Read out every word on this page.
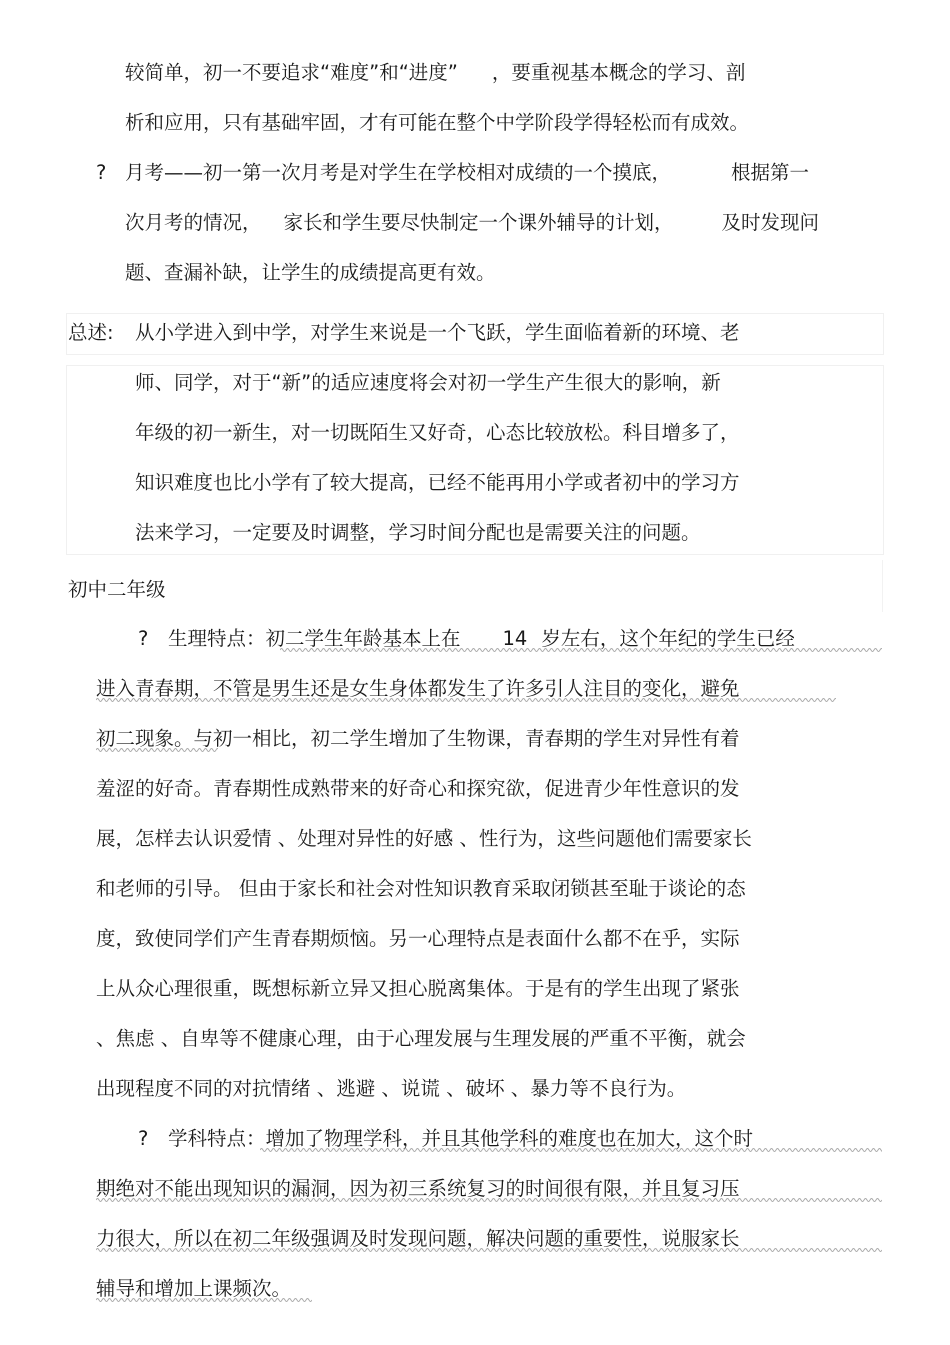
较简单，初一不要追求“难度”和“进度” ，要重视基本概念的学习、剖

析和应用，只有基础牢固，才有可能在整个中学阶段学得轻松而有成效。

? 月考——初一第一次月考是对学生在学校相对成绩的一个摸底，	根据第一

次月考的情况， 家长和学生要尽快制定一个课外辅导的计划， 及时发现问

题、查漏补缺，让学生的成绩提高更有效。

总述: 从小学进入到中学，对学生来说是一个飞跃，学生面临着新的环境、老

师、同学，对于“新”的适应速度将会对初一学生产生很大的影响，新

年级的初一新生，对一切既陌生又好奇，心态比较放松。科目增多了，

知识难度也比小学有了较大提高，已经不能再用小学或者初中的学习方

法来学习，一定要及时调整，学习时间分配也是需要关注的问题。

初中二年级

? 生理特点：初二学生年龄基本上在 14 岁左右，这个年纪的学生已经

进入青春期，不管是男生还是女生身体都发生了许多引人注目的变化，避免

初二现象。与初一相比，初二学生增加了生物课，青春期的学生对异性有着

羞涩的好奇。青春期性成熟带来的好奇心和探究欲，促进青少年性意识的发

展，怎样去认识爱情 、处理对异性的好感 、性行为，这些问题他们需要家长

和老师的引导。 但由于家长和社会对性知识教育采取闭锁甚至耻于谈论的态

度，致使同学们产生青春期烦恼。另一心理特点是表面什么都不在乎，实际

上从众心理很重，既想标新立异又担心脱离集体。于是有的学生出现了紧张

、焦虑 、自卑等不健康心理，由于心理发展与生理发展的严重不平衡，就会

出现程度不同的对抗情绪 、逃避 、说谎 、破坏 、暴力等不良行为。

? 学科特点：增加了物理学科，并且其他学科的难度也在加大，这个时

期绝对不能出现知识的漏洞，因为初三系统复习的时间很有限，并且复习压

力很大，所以在初二年级强调及时发现问题，解决问题的重要性，说服家长

辅导和增加上课频次。
